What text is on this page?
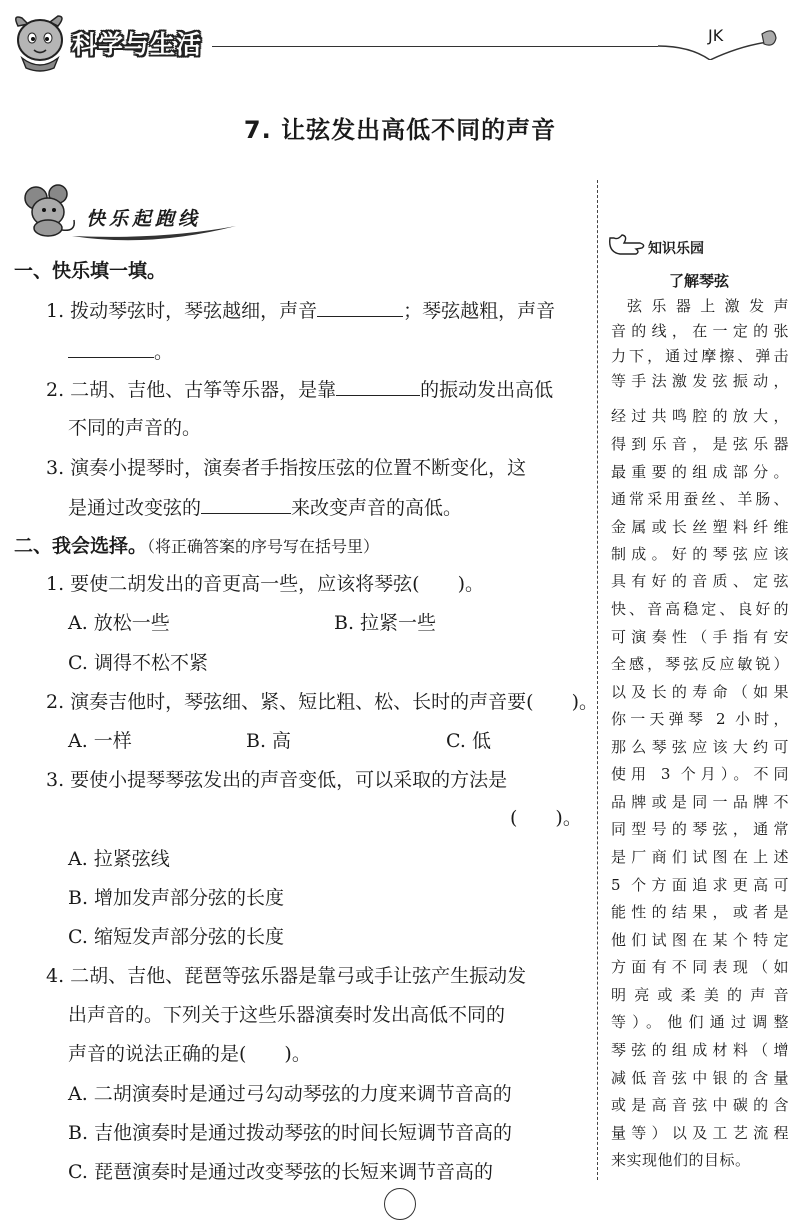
科学与生活	JK
7. 让弦发出高低不同的声音
快乐起跑线
一、快乐填一填。
1. 拨动琴弦时，琴弦越细，声音	；琴弦越粗，声音
。
2. 二胡、吉他、古筝等乐器，是靠	的振动发出高低
不同的声音的。
3. 演奏小提琴时，演奏者手指按压弦的位置不断变化，这
是通过改变弦的	来改变声音的高低。
二、我会选择。（将正确答案的序号写在括号里）
1. 要使二胡发出的音更高一些，应该将琴弦(　　)。
A. 放松一些	B. 拉紧一些
C. 调得不松不紧
2. 演奏吉他时，琴弦细、紧、短比粗、松、长时的声音要(　　)。
A. 一样	B. 高	C. 低
3. 要使小提琴琴弦发出的声音变低，可以采取的方法是
(　　)。
A. 拉紧弦线
B. 增加发声部分弦的长度
C. 缩短发声部分弦的长度
4. 二胡、吉他、琵琶等弦乐器是靠弓或手让弦产生振动发
出声音的。下列关于这些乐器演奏时发出高低不同的
声音的说法正确的是(　　)。
A. 二胡演奏时是通过弓勾动琴弦的力度来调节音高的
B. 吉他演奏时是通过拨动琴弦的时间长短调节音高的
C. 琵琶演奏时是通过改变琴弦的长短来调节音高的
知识乐园
了解琴弦
弦乐器上激发声
音的线，在一定的张
力下，通过摩擦、弹击
等手法激发弦振动，
经过共鸣腔的放大，
得到乐音，是弦乐器
最重要的组成部分。
通常采用蚕丝、羊肠、
金属或长丝塑料纤维
制成。好的琴弦应该
具有好的音质、定弦
快、音高稳定、良好的
可演奏性（手指有安
全感，琴弦反应敏锐）
以及长的寿命（如果
你一天弹琴 2 小时，
那么琴弦应该大约可
使用 3 个月）。不同
品牌或是同一品牌不
同型号的琴弦，通常
是厂商们试图在上述
5 个方面追求更高可
能性的结果，或者是
他们试图在某个特定
方面有不同表现（如
明亮或柔美的声音
等）。他们通过调整
琴弦的组成材料（增
减低音弦中银的含量
或是高音弦中碳的含
量等）以及工艺流程
来实现他们的目标。
